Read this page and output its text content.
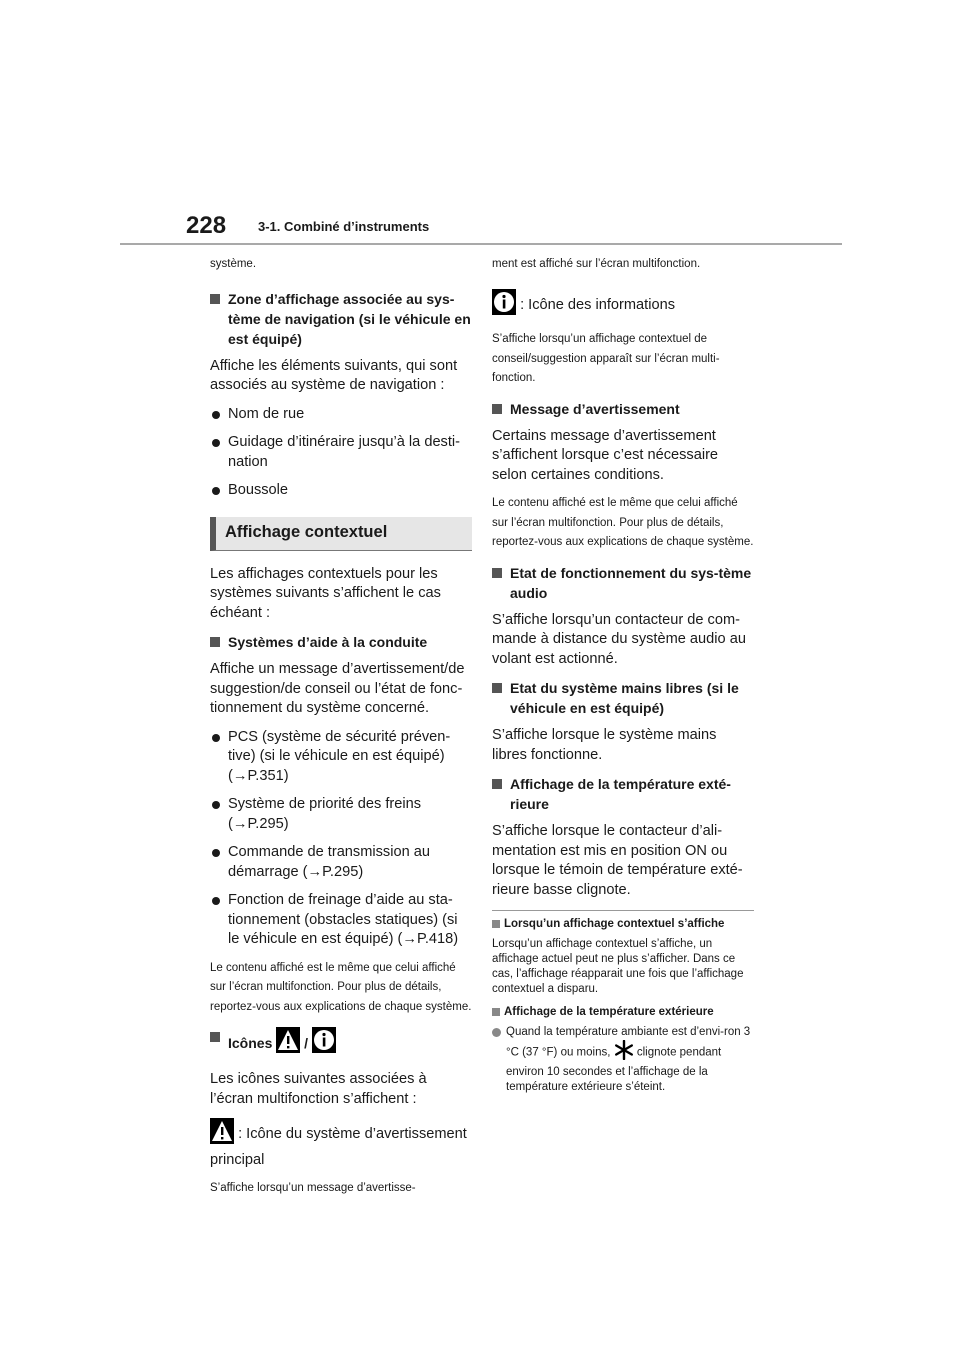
228 3-1. Combiné d’instruments

système.

Zone d’affichage associée au sys-tème de navigation (si le véhicule en est équipé)

Affiche les éléments suivants, qui sont associés au système de navigation :

Nom de rue
Guidage d’itinéraire jusqu’à la desti-nation
Boussole
Affichage contextuel

Les affichages contextuels pour les systèmes suivants s’affichent le cas échéant :

Systèmes d’aide à la conduite

Affiche un message d’avertissement/de suggestion/de conseil ou l’état de fonc-tionnement du système concerné.

PCS (système de sécurité préven-tive) (si le véhicule en est équipé) (→P.351)
Système de priorité des freins (→P.295)
Commande de transmission au démarrage (→P.295)
Fonction de freinage d’aide au sta-tionnement (obstacles statiques) (si le véhicule en est équipé) (→P.418)

Le contenu affiché est le même que celui affiché sur l’écran multifonction. Pour plus de détails, reportez-vous aux explications de chaque système.

Icônes /

Les icônes suivantes associées à l’écran multifonction s’affichent :

: Icône du système d’avertissement principal

S’affiche lorsqu’un message d’avertisse-

ment est affiché sur l’écran multifonction.

: Icône des informations

S’affiche lorsqu’un affichage contextuel de conseil/suggestion apparaît sur l’écran multi-fonction.

Message d’avertissement

Certains message d’avertissement s’affichent lorsque c’est nécessaire selon certaines conditions.

Le contenu affiché est le même que celui affiché sur l’écran multifonction. Pour plus de détails, reportez-vous aux explications de chaque système.

Etat de fonctionnement du sys-tème audio

S’affiche lorsqu’un contacteur de com-mande à distance du système audio au volant est actionné.

Etat du système mains libres (si le véhicule en est équipé)

S’affiche lorsque le système mains libres fonctionne.

Affichage de la température exté-rieure

S’affiche lorsque le contacteur d’ali-mentation est mis en position ON ou lorsque le témoin de température exté-rieure basse clignote.

Lorsqu’un affichage contextuel s’affiche

Lorsqu’un affichage contextuel s’affiche, un affichage actuel peut ne plus s’afficher. Dans ce cas, l’affichage réapparait une fois que l’affichage contextuel a disparu.

Affichage de la température extérieure
Quand la température ambiante est d’envi-ron 3 °C (37 °F) ou moins, clignote pendant environ 10 secondes et l’affichage de la température extérieure s’éteint.
